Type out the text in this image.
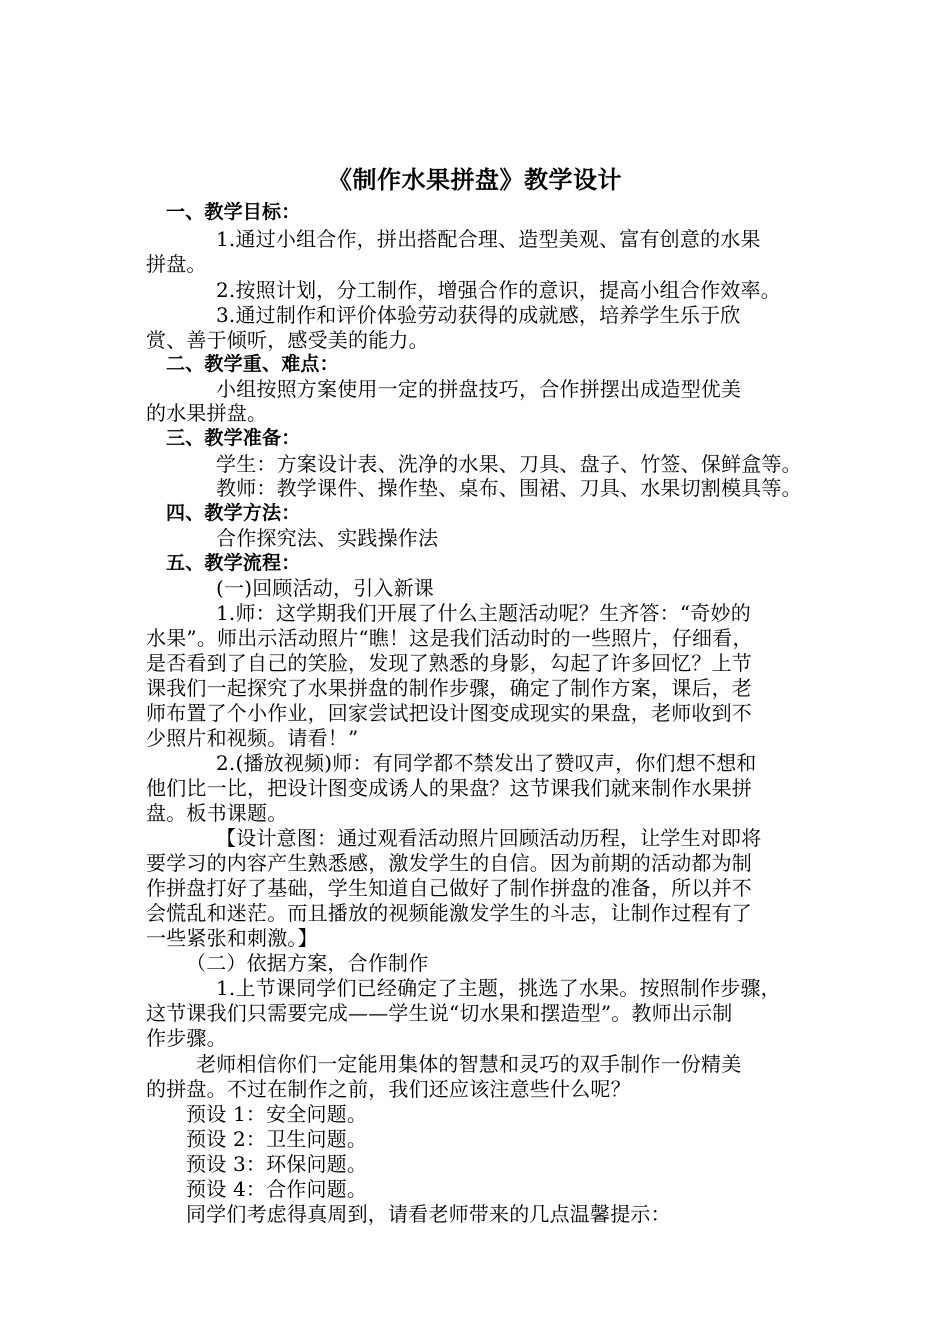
《制作水果拼盘》教学设计
一、教学目标：
1.通过小组合作，拼出搭配合理、造型美观、富有创意的水果
拼盘。
2.按照计划，分工制作，增强合作的意识，提高小组合作效率。
3.通过制作和评价体验劳动获得的成就感，培养学生乐于欣
赏、善于倾听，感受美的能力。
二、教学重、难点：
小组按照方案使用一定的拼盘技巧，合作拼摆出成造型优美
的水果拼盘。
三、教学准备：
学生：方案设计表、洗净的水果、刀具、盘子、竹签、保鲜盒等。
教师：教学课件、操作垫、桌布、围裙、刀具、水果切割模具等。
四、教学方法：
合作探究法、实践操作法
五、教学流程：
(一)回顾活动，引入新课
1.师：这学期我们开展了什么主题活动呢？生齐答：“奇妙的
水果”。师出示活动照片“瞧！这是我们活动时的一些照片，仔细看，
是否看到了自己的笑脸，发现了熟悉的身影，勾起了许多回忆？上节
课我们一起探究了水果拼盘的制作步骤，确定了制作方案，课后，老
师布置了个小作业，回家尝试把设计图变成现实的果盘，老师收到不
少照片和视频。请看！”
2.(播放视频)师：有同学都不禁发出了赞叹声，你们想不想和
他们比一比，把设计图变成诱人的果盘？这节课我们就来制作水果拼
盘。板书课题。
【设计意图：通过观看活动照片回顾活动历程，让学生对即将
要学习的内容产生熟悉感，激发学生的自信。因为前期的活动都为制
作拼盘打好了基础，学生知道自己做好了制作拼盘的准备，所以并不
会慌乱和迷茫。而且播放的视频能激发学生的斗志，让制作过程有了
一些紧张和刺激。】
（二）依据方案，合作制作
1.上节课同学们已经确定了主题，挑选了水果。按照制作步骤，
这节课我们只需要完成——学生说“切水果和摆造型”。教师出示制
作步骤。
老师相信你们一定能用集体的智慧和灵巧的双手制作一份精美
的拼盘。不过在制作之前，我们还应该注意些什么呢？
预设 1：安全问题。
预设 2：卫生问题。
预设 3：环保问题。
预设 4：合作问题。
同学们考虑得真周到，请看老师带来的几点温馨提示：
